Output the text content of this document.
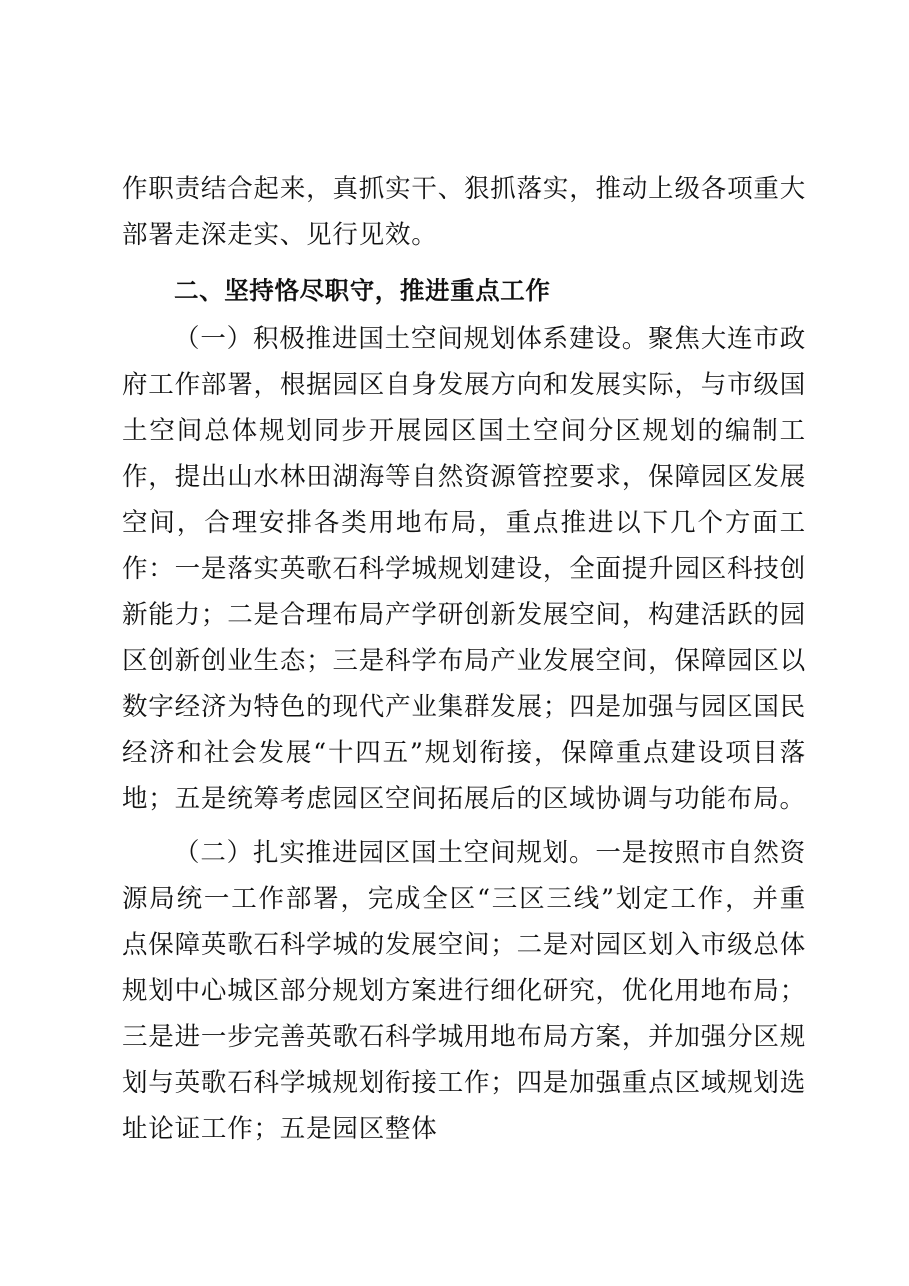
作职责结合起来，真抓实干、狠抓落实，推动上级各项重大部署走深走实、见行见效。

二、坚持恪尽职守，推进重点工作

（一）积极推进国土空间规划体系建设。聚焦大连市政府工作部署，根据园区自身发展方向和发展实际，与市级国土空间总体规划同步开展园区国土空间分区规划的编制工作，提出山水林田湖海等自然资源管控要求，保障园区发展空间，合理安排各类用地布局，重点推进以下几个方面工作：一是落实英歌石科学城规划建设，全面提升园区科技创新能力；二是合理布局产学研创新发展空间，构建活跃的园区创新创业生态；三是科学布局产业发展空间，保障园区以数字经济为特色的现代产业集群发展；四是加强与园区国民经济和社会发展“十四五”规划衔接，保障重点建设项目落地；五是统筹考虑园区空间拓展后的区域协调与功能布局。

（二）扎实推进园区国土空间规划。一是按照市自然资源局统一工作部署，完成全区“三区三线”划定工作，并重点保障英歌石科学城的发展空间；二是对园区划入市级总体规划中心城区部分规划方案进行细化研究，优化用地布局；三是进一步完善英歌石科学城用地布局方案，并加强分区规划与英歌石科学城规划衔接工作；四是加强重点区域规划选址论证工作；五是园区整体
